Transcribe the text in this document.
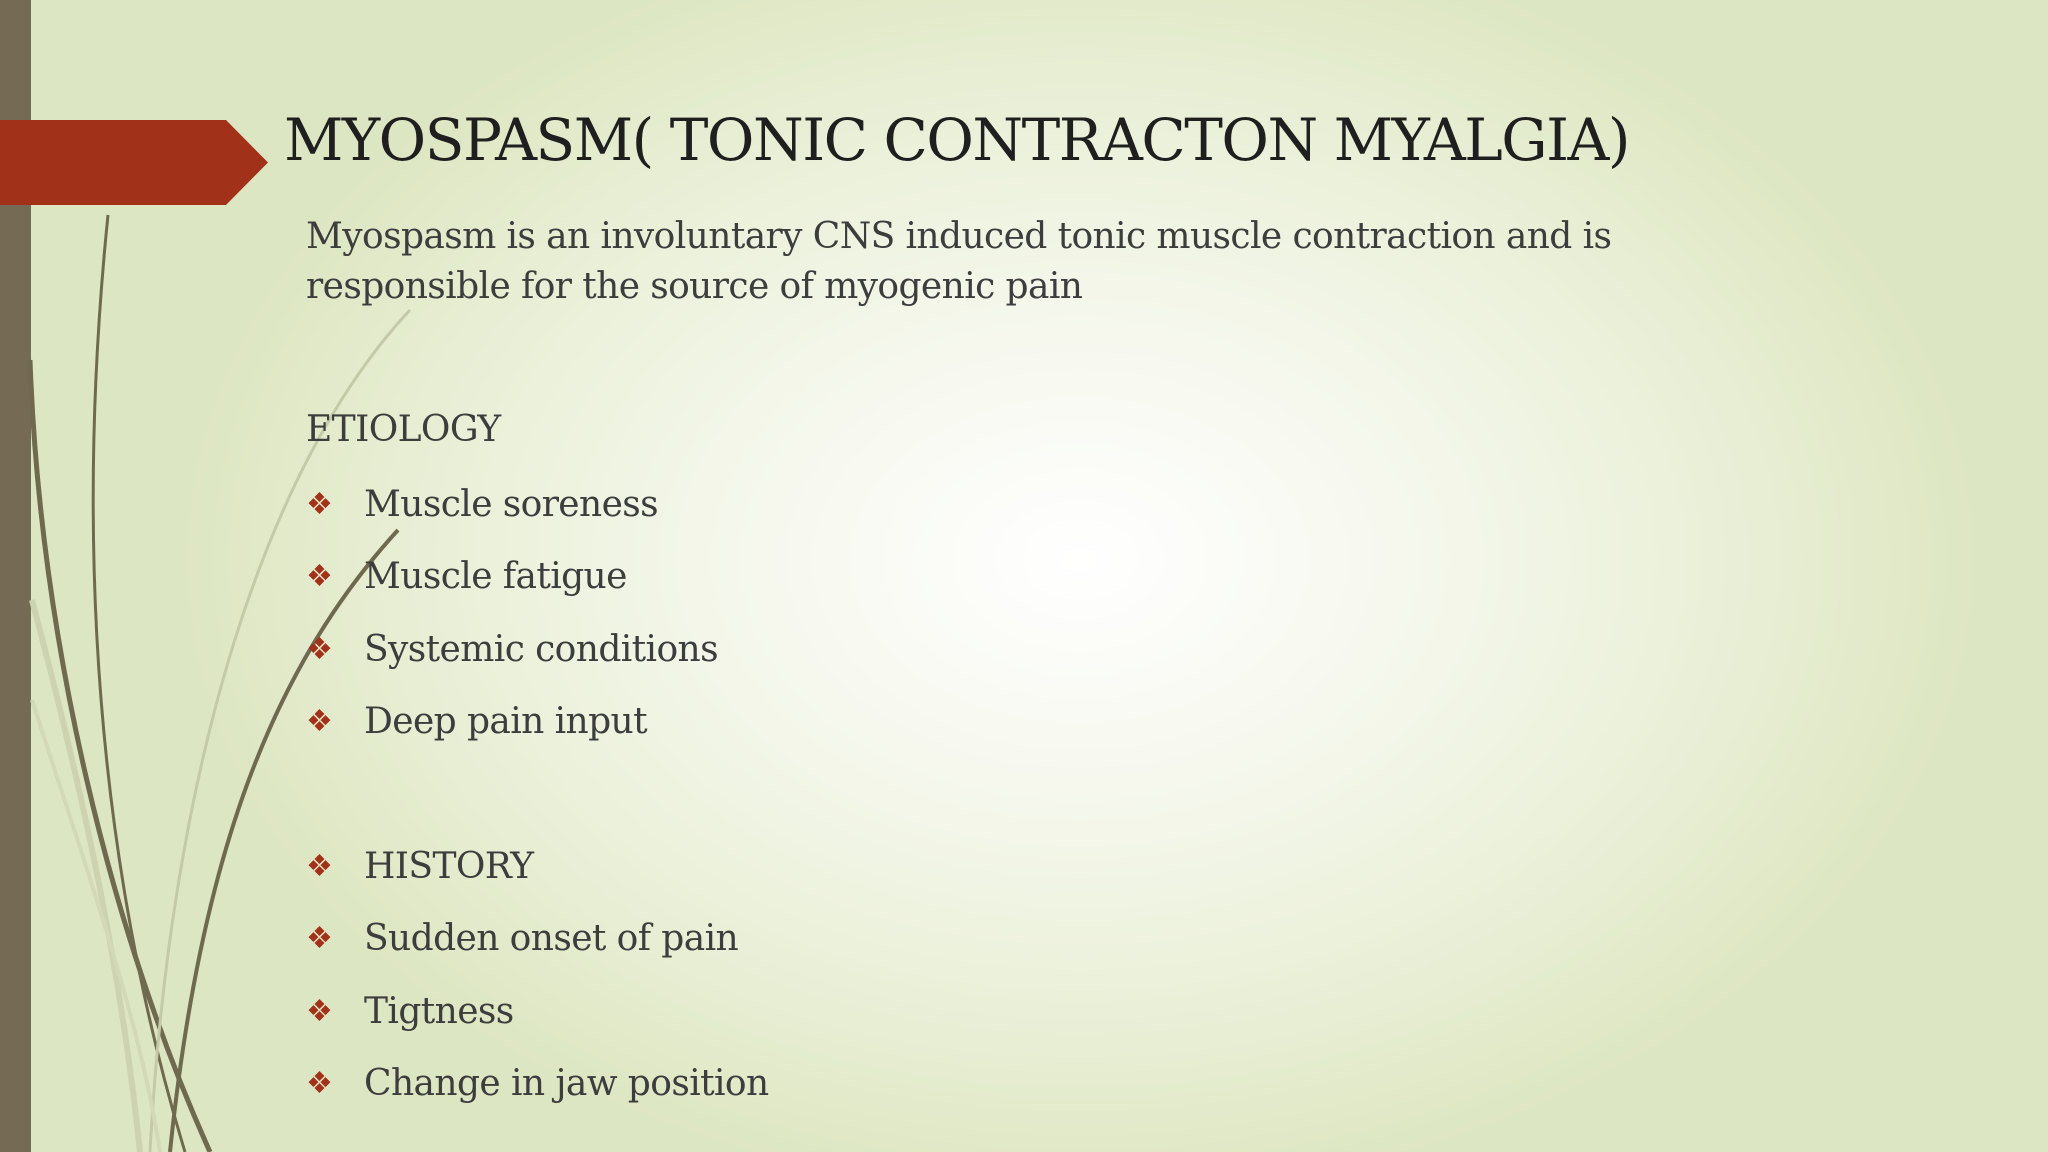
MYOSPASM( TONIC CONTRACTON MYALGIA)

Myospasm is an involuntary CNS induced tonic muscle contraction and is responsible for the source of myogenic pain

ETIOLOGY

❖ Muscle soreness
❖ Muscle fatigue
❖ Systemic conditions
❖ Deep pain input
❖ HISTORY
❖ Sudden onset of pain
❖ Tigtness
❖ Change in jaw position
